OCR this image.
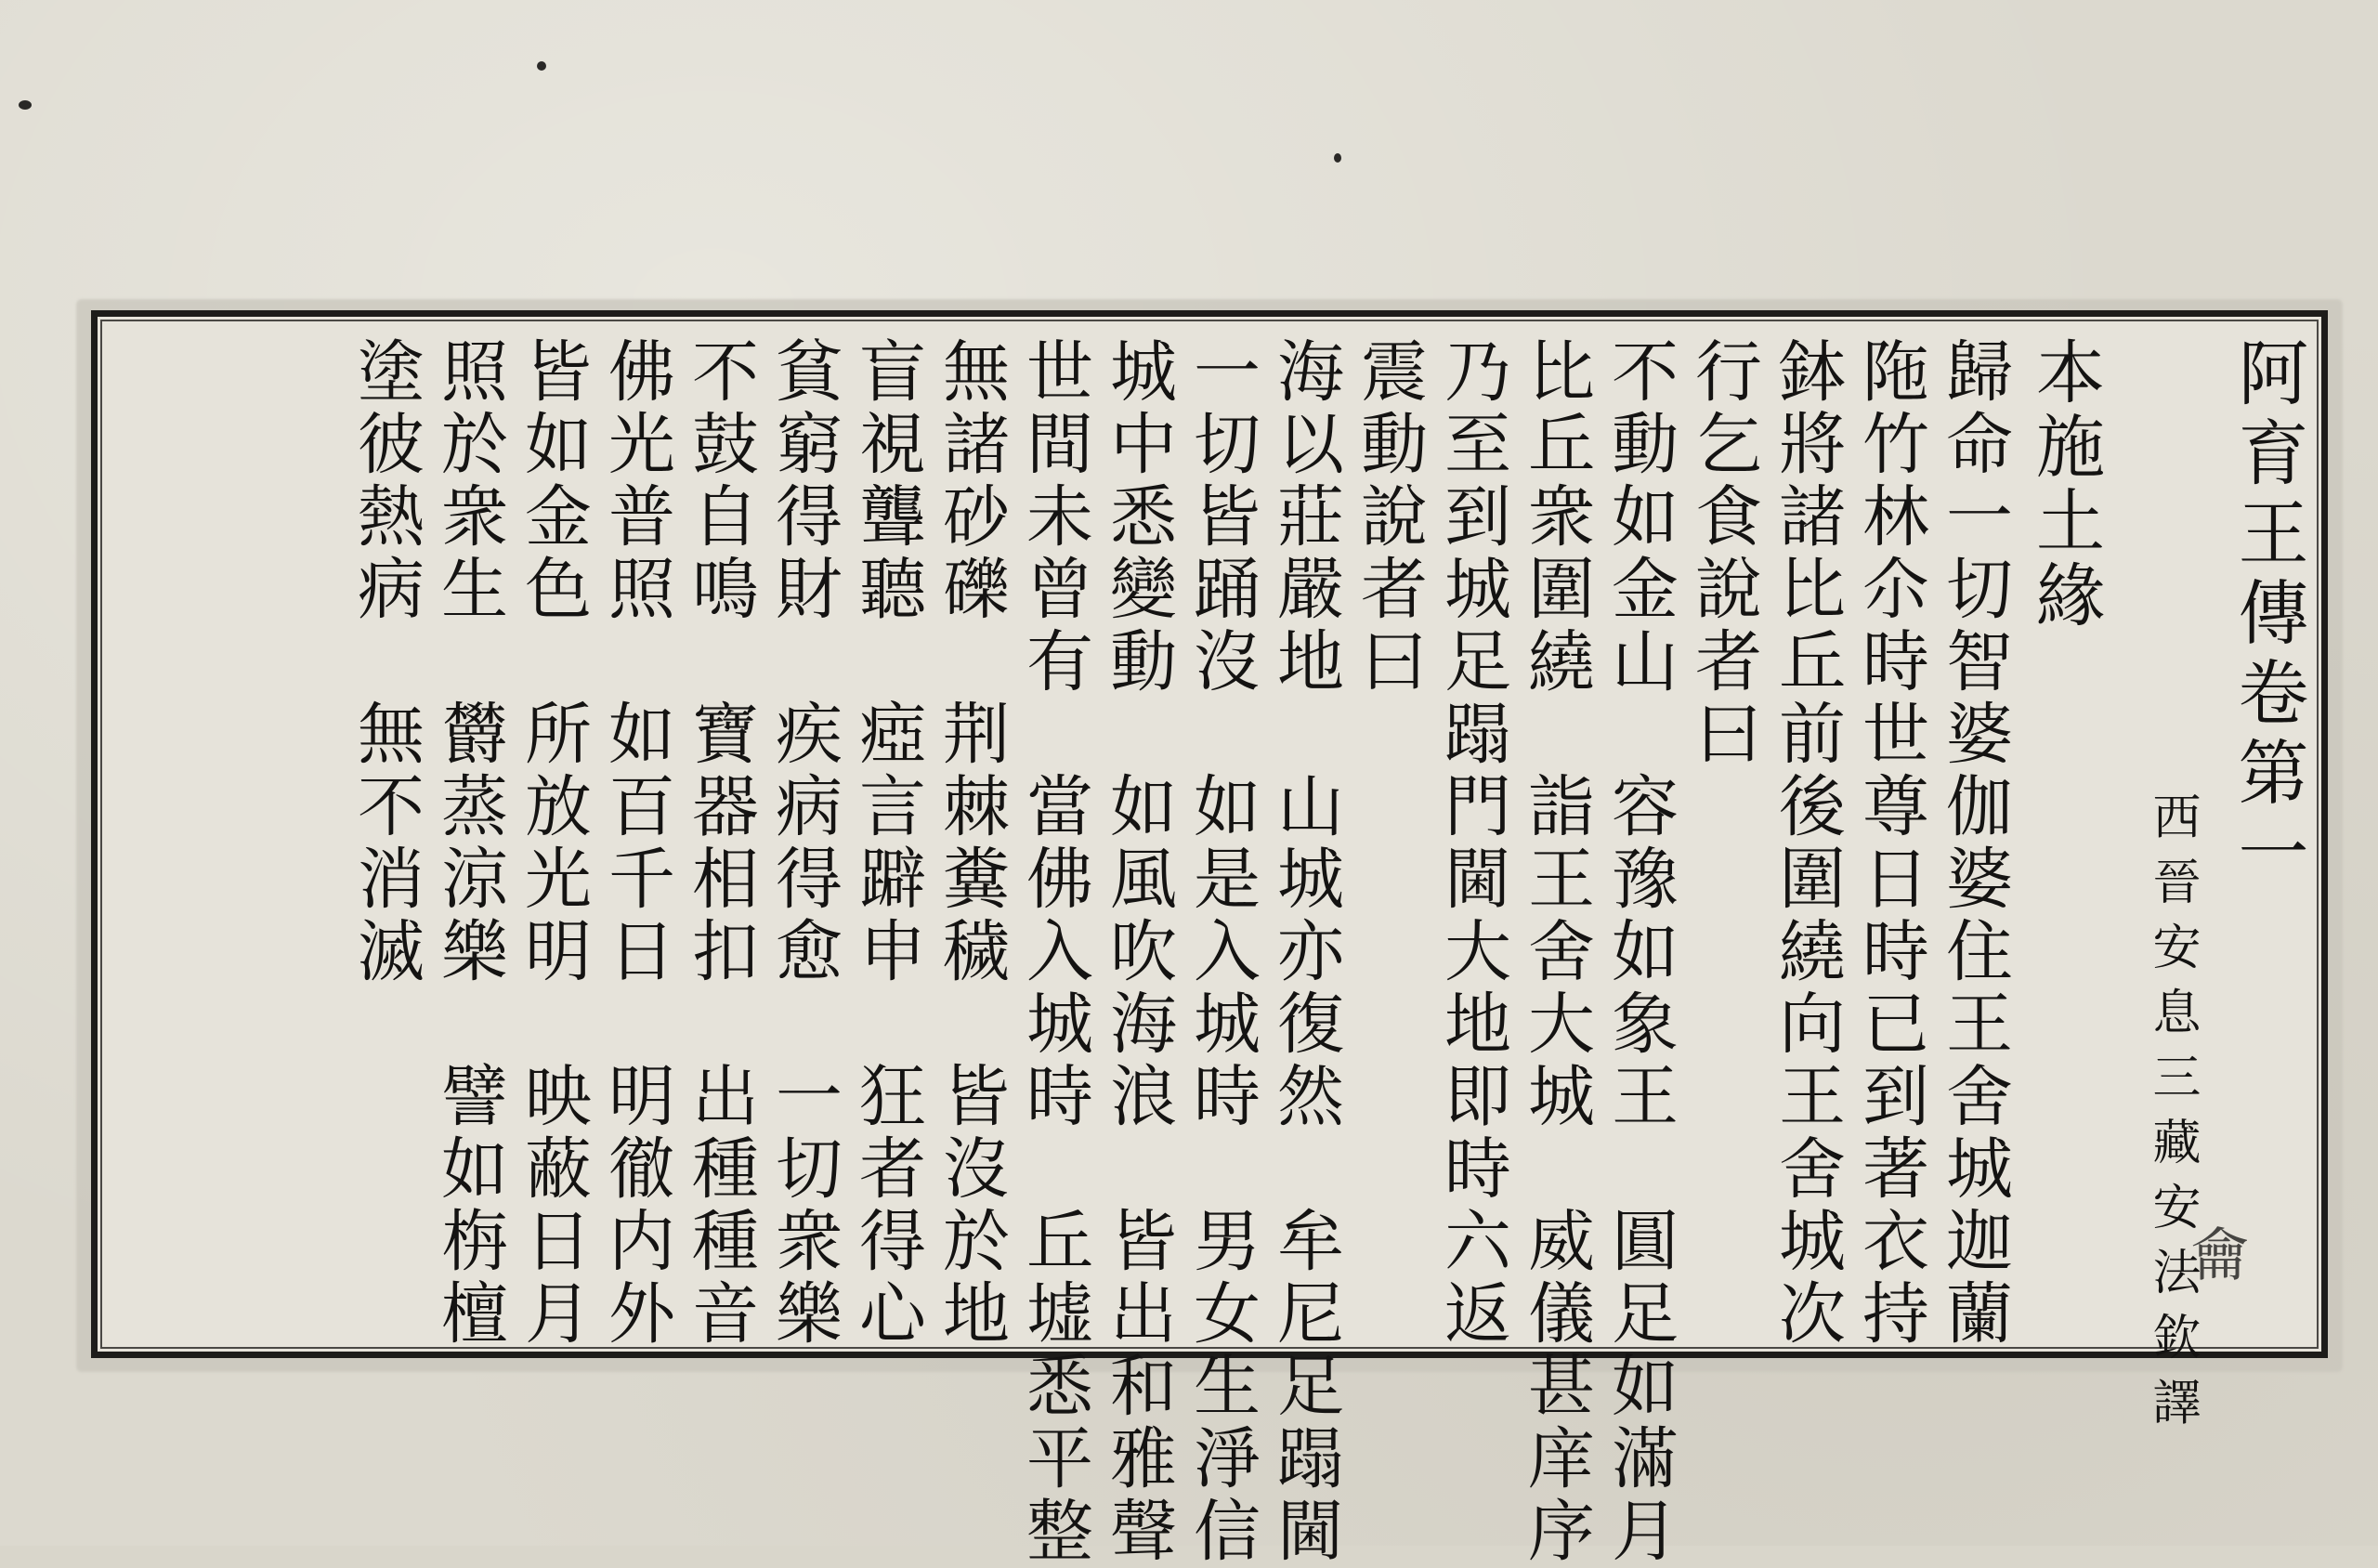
阿育王傳卷第一
西晉安息三藏安法欽譯
本施土緣
歸命一切智婆伽婆住王舍城迦蘭
陁竹林尒時世尊日時已到著衣持
鉢將諸比丘前後圍繞向王舍城次
行乞食說者曰
不動如金山　容豫如象王　圓足如滿月
比丘衆圍繞　詣王舍大城　威儀甚庠序
乃至到城足蹋門閫大地即時六返
震動說者曰
海以莊嚴地　山城亦復然　牟尼足蹋閫
一切皆踊沒　如是入城時　男女生淨信
城中悉變動　如風吹海浪　皆出和雅聲
世間未曾有　當佛入城時　丘墟悉平整
無諸砂礫　荆棘糞穢　皆沒於地
盲視聾聽　瘂言躃申　狂者得心
貧窮得財　疾病得愈　一切衆樂
不鼓自鳴　寶器相扣　出種種音
佛光普照　如百千日　明徹内外
皆如金色　所放光明　映蔽日月
照於衆生　欝蒸涼樂　譬如栴檀
塗彼熱病　無不消滅
龠
